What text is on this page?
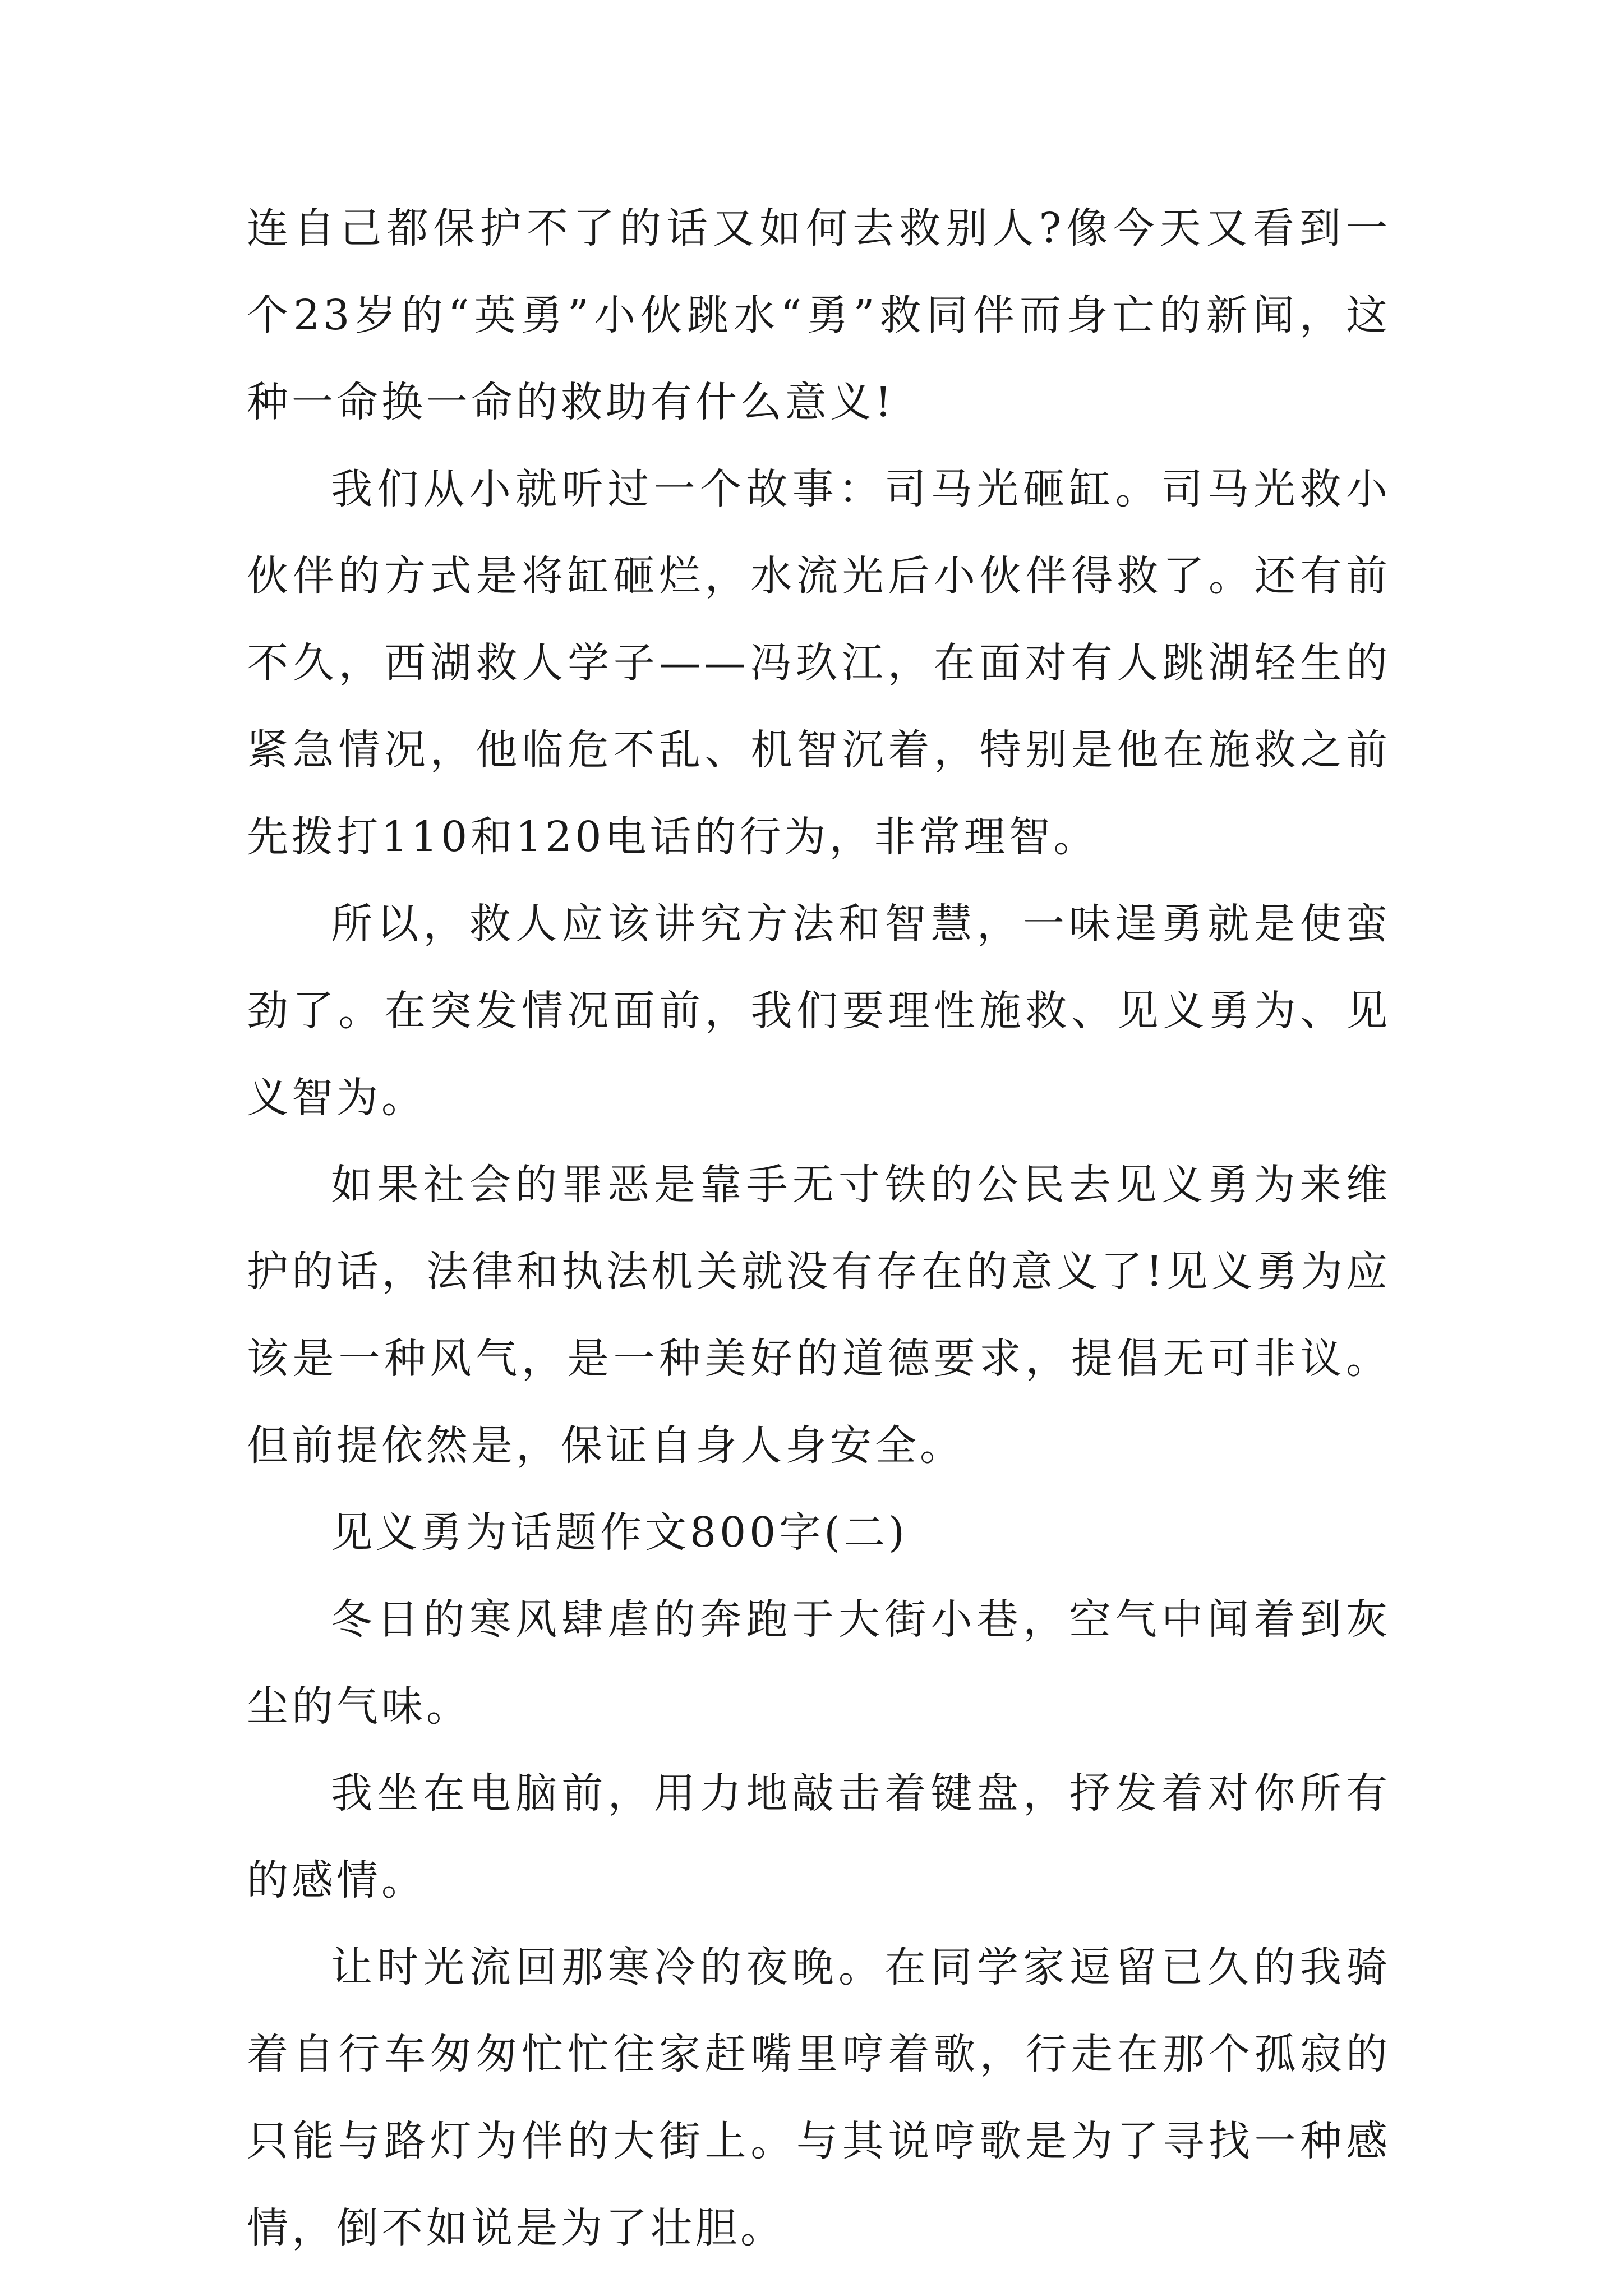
连自己都保护不了的话又如何去救别人?像今天又看到一个23岁的“英勇”小伙跳水“勇”救同伴而身亡的新闻，这种一命换一命的救助有什么意义!

我们从小就听过一个故事：司马光砸缸。司马光救小伙伴的方式是将缸砸烂，水流光后小伙伴得救了。还有前不久，西湖救人学子——冯玖江，在面对有人跳湖轻生的紧急情况，他临危不乱、机智沉着，特别是他在施救之前先拨打110和120电话的行为，非常理智。

所以，救人应该讲究方法和智慧，一味逞勇就是使蛮劲了。在突发情况面前，我们要理性施救、见义勇为、见义智为。

如果社会的罪恶是靠手无寸铁的公民去见义勇为来维护的话，法律和执法机关就没有存在的意义了!见义勇为应该是一种风气，是一种美好的道德要求，提倡无可非议。但前提依然是，保证自身人身安全。

见义勇为话题作文800字(二)

冬日的寒风肆虐的奔跑于大街小巷，空气中闻着到灰尘的气味。

我坐在电脑前，用力地敲击着键盘，抒发着对你所有的感情。

让时光流回那寒冷的夜晚。在同学家逗留已久的我骑着自行车匆匆忙忙往家赶嘴里哼着歌，行走在那个孤寂的只能与路灯为伴的大街上。与其说哼歌是为了寻找一种感情，倒不如说是为了壮胆。
